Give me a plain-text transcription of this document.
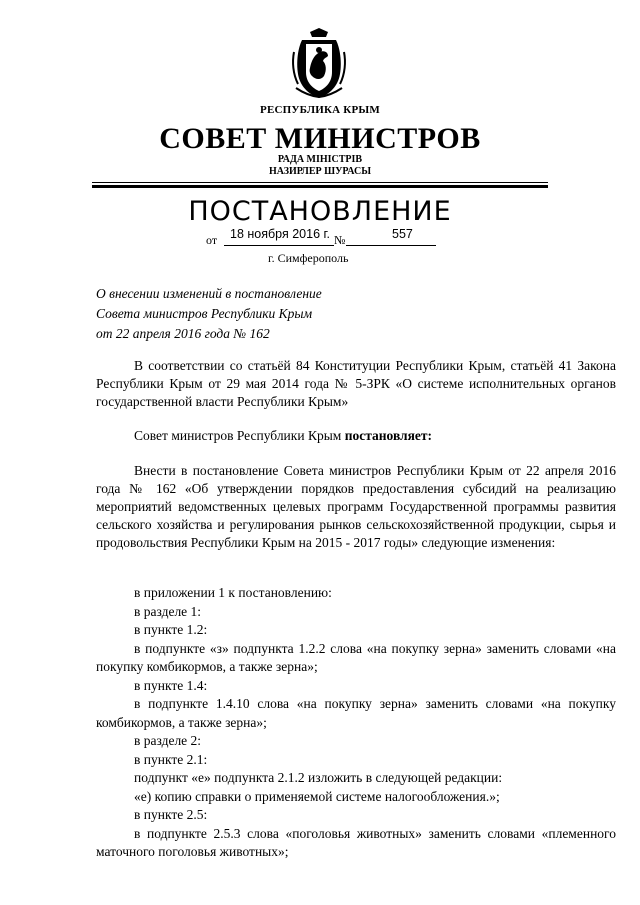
РЕСПУБЛИКА КРЫМ
СОВЕТ МИНИСТРОВ
РАДА МІНІСТРІВ
НАЗИРЛЕР ШУРАСЫ
ПОСТАНОВЛЕНИЕ
от 18 ноября 2016 г. №	557
г. Симферополь
О внесении изменений в постановление
Совета министров Республики Крым
от 22 апреля 2016 года № 162

В соответствии со статьёй 84 Конституции Республики Крым, статьёй 41 Закона Республики Крым от 29 мая 2014 года № 5-ЗРК «О системе исполнительных органов государственной власти Республики Крым»

Совет министров Республики Крым постановляет:

Внести в постановление Совета министров Республики Крым от 22 апреля 2016 года № 162 «Об утверждении порядков предоставления субсидий на реализацию мероприятий ведомственных целевых программ Государственной программы развития сельского хозяйства и регулирования рынков сельскохозяйственной продукции, сырья и продовольствия Республики Крым на 2015 - 2017 годы» следующие изменения:

в приложении 1 к постановлению:
в разделе 1:
в пункте 1.2:
в подпункте «з» подпункта 1.2.2 слова «на покупку зерна» заменить словами «на покупку комбикормов, а также зерна»;
в пункте 1.4:
в подпункте 1.4.10 слова «на покупку зерна» заменить словами «на покупку комбикормов, а также зерна»;
в разделе 2:
в пункте 2.1:
подпункт «е» подпункта 2.1.2 изложить в следующей редакции:
«е) копию справки о применяемой системе налогообложения.»;
в пункте 2.5:
в подпункте 2.5.3 слова «поголовья животных» заменить словами «племенного маточного поголовья животных»;
